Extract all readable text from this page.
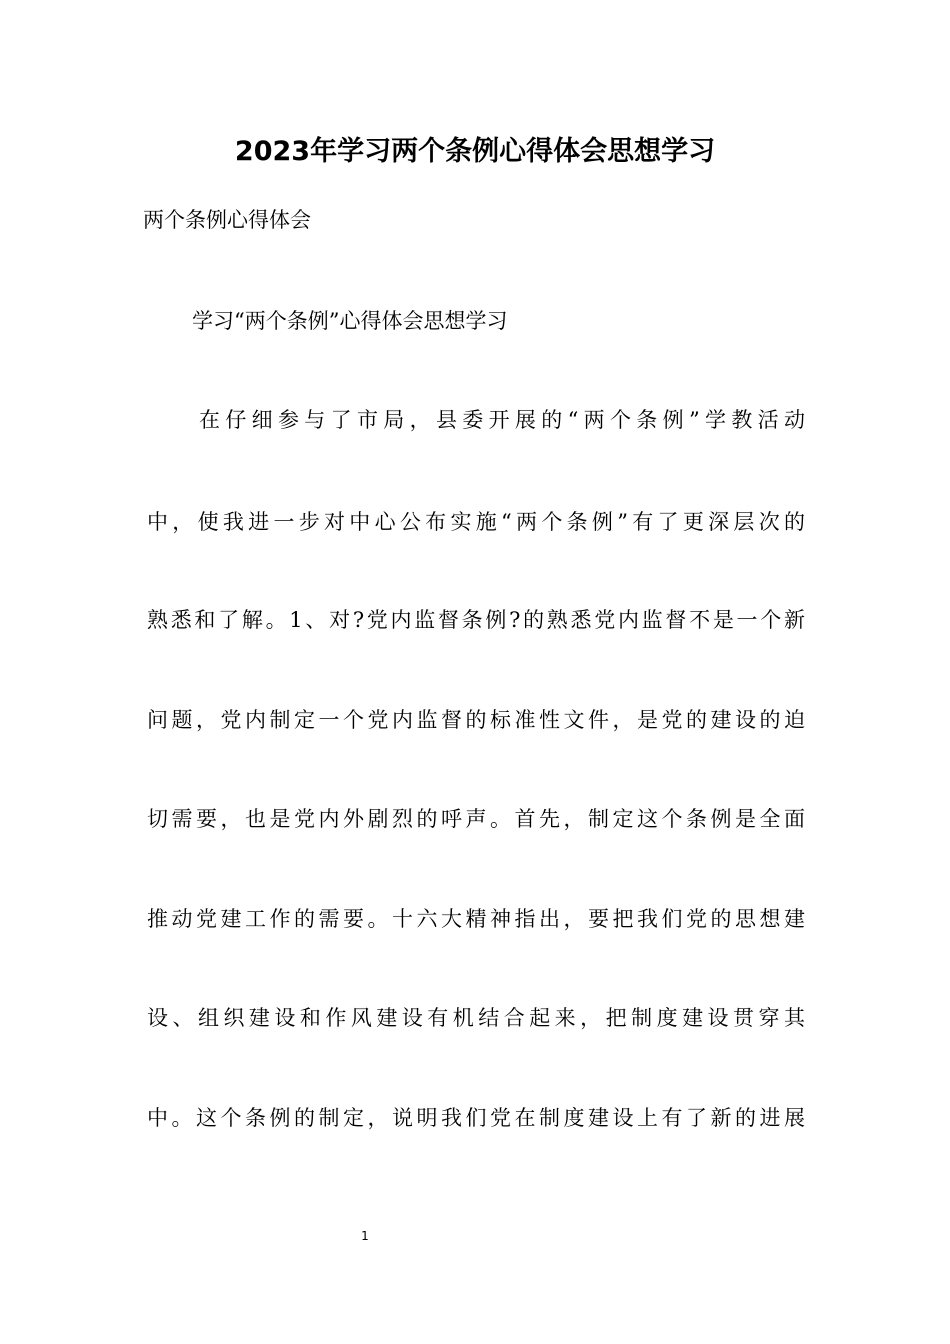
2023年学习两个条例心得体会思想学习

两个条例心得体会

学习“两个条例”心得体会思想学习

在仔细参与了市局，县委开展的“两个条例”学教活动

中，使我进一步对中心公布实施“两个条例”有了更深层次的

熟悉和了解。1、对?党内监督条例?的熟悉党内监督不是一个新

问题，党内制定一个党内监督的标准性文件，是党的建设的迫

切需要，也是党内外剧烈的呼声。首先，制定这个条例是全面

推动党建工作的需要。十六大精神指出，要把我们党的思想建

设、组织建设和作风建设有机结合起来，把制度建设贯穿其

中。这个条例的制定，说明我们党在制度建设上有了新的进展

1
